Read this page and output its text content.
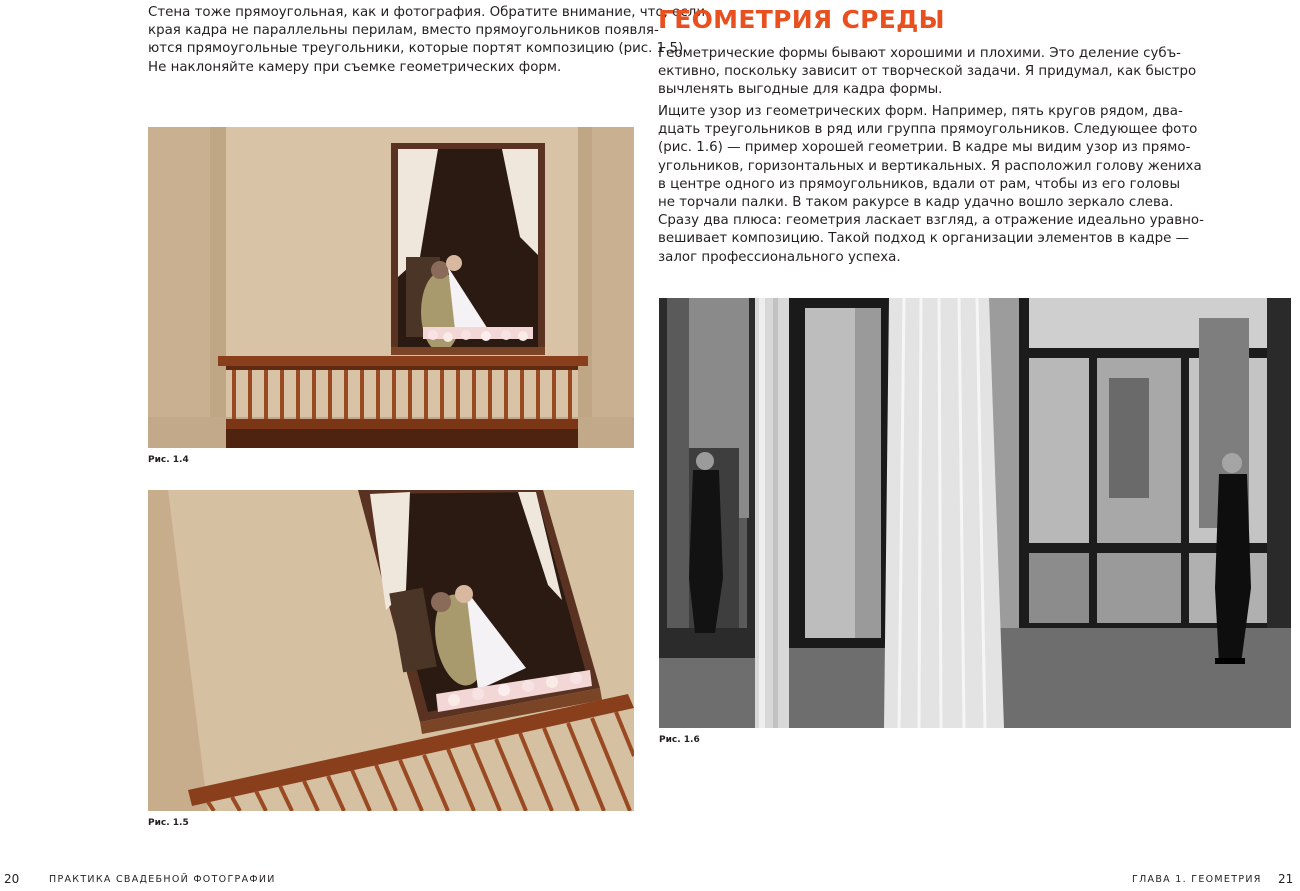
Стена тоже прямоугольная, как и фотография. Обратите внимание, что, если
края кадра не параллельны перилам, вместо прямоугольников появля-
ются прямоугольные треугольники, которые портят композицию (рис. 1.5).
Не наклоняйте камеру при съемке геометрических форм.

Рис. 1.4
Рис. 1.5
ГЕОМЕТРИЯ СРЕДЫ

Геометрические формы бывают хорошими и плохими. Это деление субъ-
ективно, поскольку зависит от творческой задачи. Я придумал, как быстро
вычленять выгодные для кадра формы.

Ищите узор из геометрических форм. Например, пять кругов рядом, два-
дцать треугольников в ряд или группа прямоугольников. Следующее фото
(рис. 1.6) — пример хорошей геометрии. В кадре мы видим узор из прямо-
угольников, горизонтальных и вертикальных. Я расположил голову жениха
в центре одного из прямоугольников, вдали от рам, чтобы из его головы
не торчали палки. В таком ракурсе в кадр удачно вошло зеркало слева.
Сразу два плюса: геометрия ласкает взгляд, а отражение идеально уравно-
вешивает композицию. Такой подход к организации элементов в кадре —
залог профессионального успеха.

Рис. 1.6
20	ПРАКТИКА СВАДЕБНОЙ ФОТОГРАФИИ	ГЛАВА 1. ГЕОМЕТРИЯ 21
